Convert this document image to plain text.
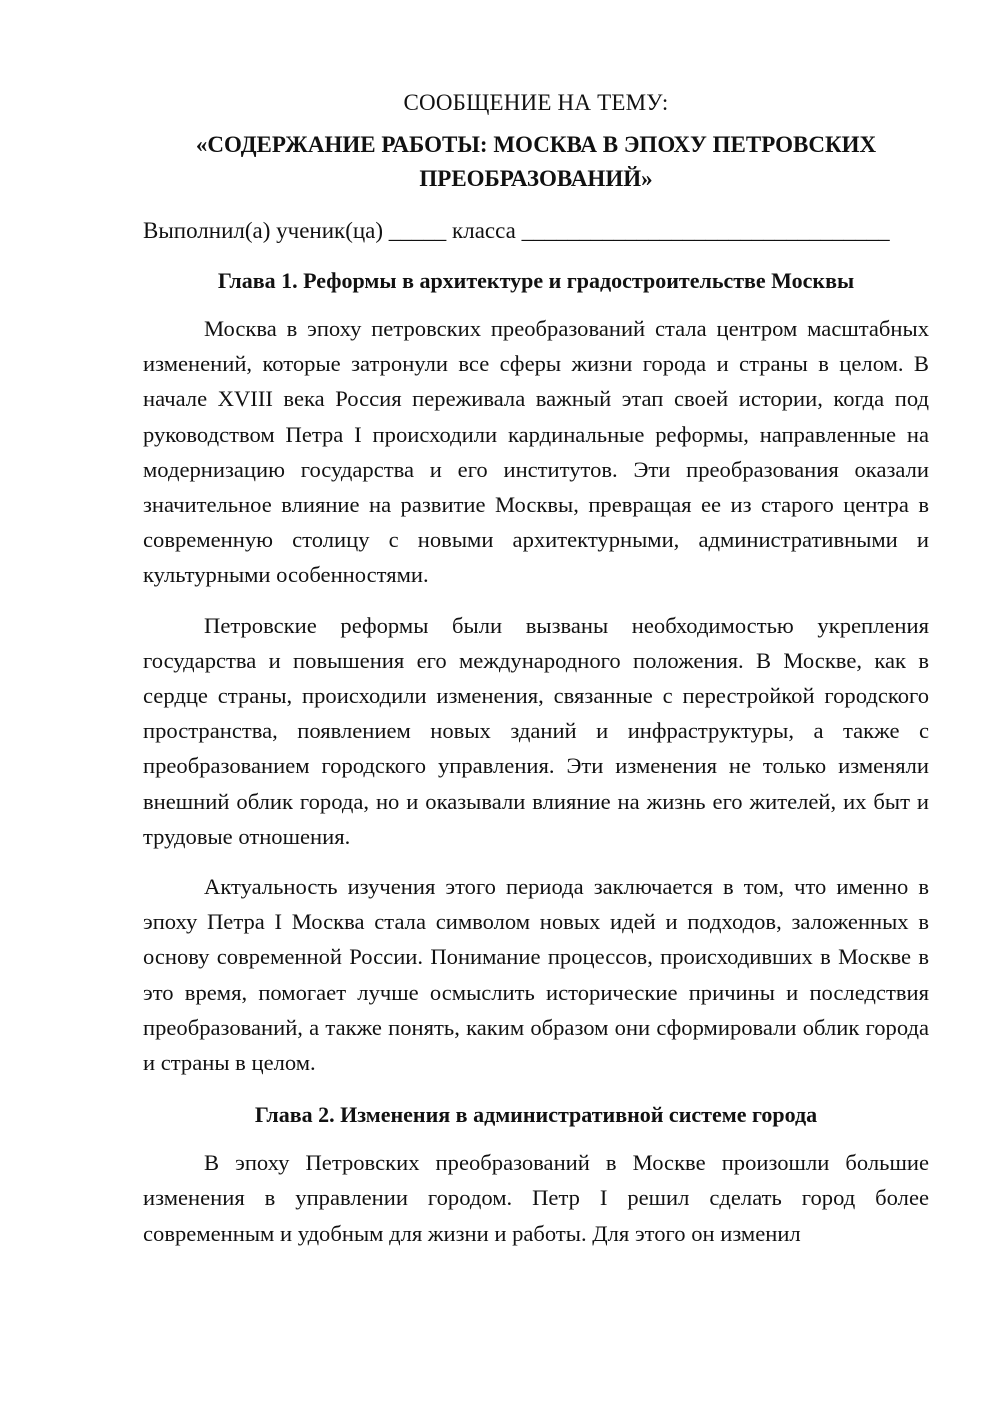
СООБЩЕНИЕ НА ТЕМУ:
«СОДЕРЖАНИЕ РАБОТЫ: МОСКВА В ЭПОХУ ПЕТРОВСКИХ ПРЕОБРАЗОВАНИЙ»
Выполнил(а) ученик(ца) _____ класса ________________________________
Глава 1. Реформы в архитектуре и градостроительстве Москвы

Москва в эпоху петровских преобразований стала центром масштабных изменений, которые затронули все сферы жизни города и страны в целом. В начале XVIII века Россия переживала важный этап своей истории, когда под руководством Петра I происходили кардинальные реформы, направленные на модернизацию государства и его институтов. Эти преобразования оказали значительное влияние на развитие Москвы, превращая ее из старого центра в современную столицу с новыми архитектурными, административными и культурными особенностями.

Петровские реформы были вызваны необходимостью укрепления государства и повышения его международного положения. В Москве, как в сердце страны, происходили изменения, связанные с перестройкой городского пространства, появлением новых зданий и инфраструктуры, а также с преобразованием городского управления. Эти изменения не только изменяли внешний облик города, но и оказывали влияние на жизнь его жителей, их быт и трудовые отношения.

Актуальность изучения этого периода заключается в том, что именно в эпоху Петра I Москва стала символом новых идей и подходов, заложенных в основу современной России. Понимание процессов, происходивших в Москве в это время, помогает лучше осмыслить исторические причины и последствия преобразований, а также понять, каким образом они сформировали облик города и страны в целом.

Глава 2. Изменения в административной системе города

В эпоху Петровских преобразований в Москве произошли большие изменения в управлении городом. Петр I решил сделать город более современным и удобным для жизни и работы. Для этого он изменил
